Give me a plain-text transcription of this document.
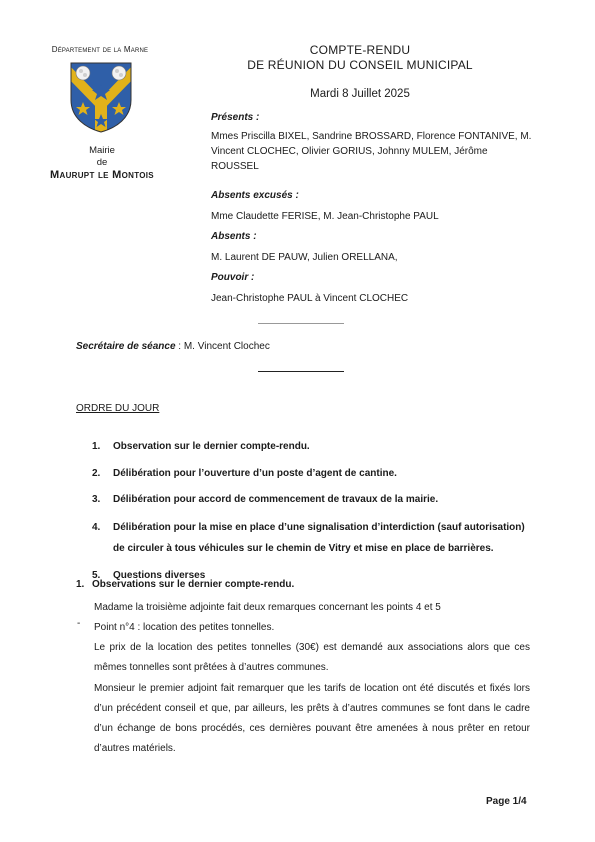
Département de la Marne
Mairie
de
Maurupt le Montois
COMPTE-RENDU
DE RÉUNION DU CONSEIL MUNICIPAL
Mardi 8 Juillet 2025
Présents :
Mmes Priscilla BIXEL, Sandrine BROSSARD, Florence FONTANIVE, M. Vincent CLOCHEC, Olivier GORIUS, Johnny MULEM, Jérôme ROUSSEL
Absents excusés :
Mme Claudette FERISE, M. Jean-Christophe PAUL
Absents :
M. Laurent DE PAUW, Julien ORELLANA,
Pouvoir :
Jean-Christophe PAUL à Vincent CLOCHEC
Secrétaire de séance : M. Vincent Clochec
ORDRE DU JOUR
1.	Observation sur le dernier compte-rendu.
2.	Délibération pour l’ouverture d’un poste d’agent de cantine.
3.	Délibération pour accord de commencement de travaux de la mairie.
4.	Délibération pour la mise en place d’une signalisation d’interdiction (sauf autorisation) de circuler à tous véhicules sur le chemin de Vitry et mise en place de barrières.
5.	Questions diverses
1. Observations sur le dernier compte-rendu.
Madame la troisième adjointe fait deux remarques concernant les points 4 et 5
- Point n°4 : location des petites tonnelles.
Le prix de la location des petites tonnelles (30€) est demandé aux associations alors que ces mêmes tonnelles sont prêtées à d’autres communes.
Monsieur le premier adjoint fait remarquer que les tarifs de location ont été discutés et fixés lors d’un précédent conseil et que, par ailleurs, les prêts à d’autres communes se font dans le cadre d’un échange de bons procédés, ces dernières pouvant être amenées à nous prêter en retour d’autres matériels.
Page 1/4
